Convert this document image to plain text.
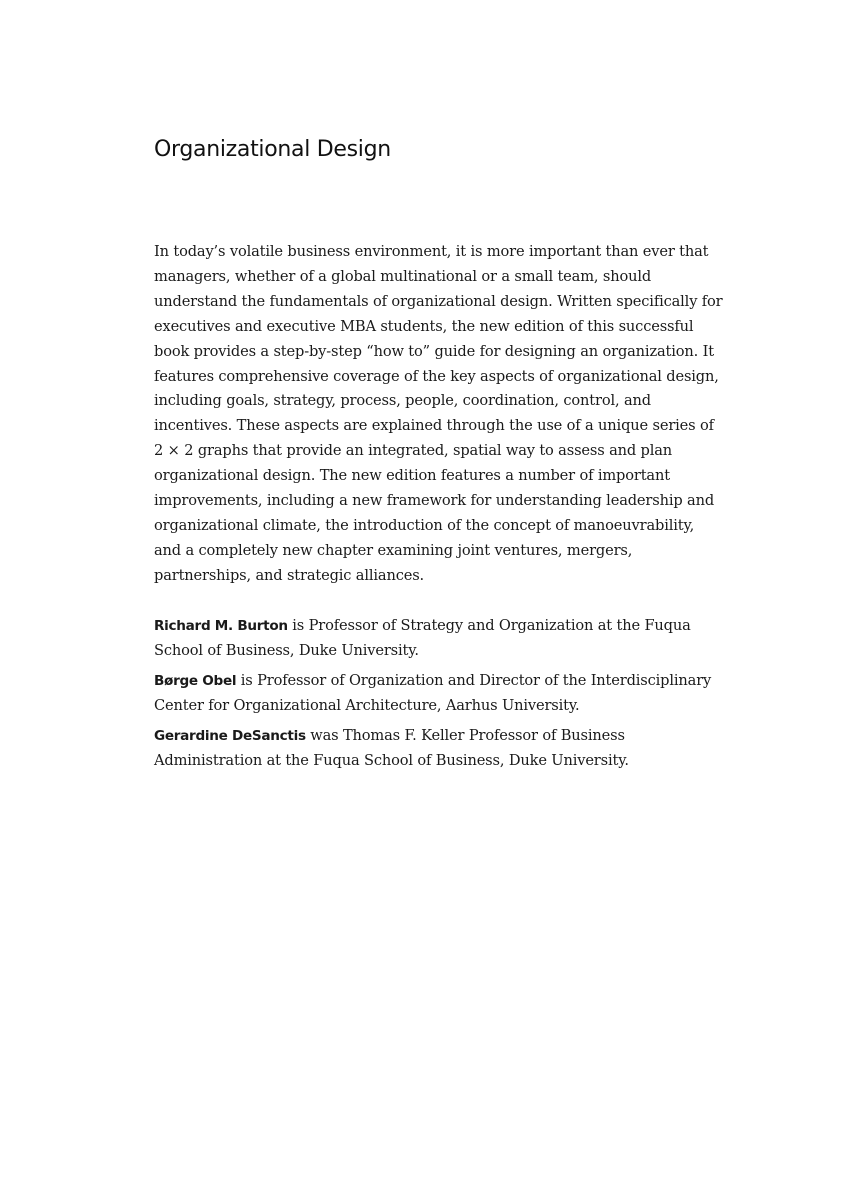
Organizational Design

In today’s volatile business environment, it is more important than ever that managers, whether of a global multinational or a small team, should understand the fundamentals of organizational design. Written specifically for executives and executive MBA students, the new edition of this successful book provides a step-by-step “how to” guide for designing an organization. It features comprehensive coverage of the key aspects of organizational design, including goals, strategy, process, people, coordination, control, and incentives. These aspects are explained through the use of a unique series of 2 × 2 graphs that provide an integrated, spatial way to assess and plan organizational design. The new edition features a number of important improvements, including a new framework for understanding leadership and organizational climate, the introduction of the concept of manoeuvrability, and a completely new chapter examining joint ventures, mergers, partnerships, and strategic alliances.

Richard M. Burton is Professor of Strategy and Organization at the Fuqua School of Business, Duke University.

Børge Obel is Professor of Organization and Director of the Interdisciplinary Center for Organizational Architecture, Aarhus University.

Gerardine DeSanctis was Thomas F. Keller Professor of Business Administration at the Fuqua School of Business, Duke University.
